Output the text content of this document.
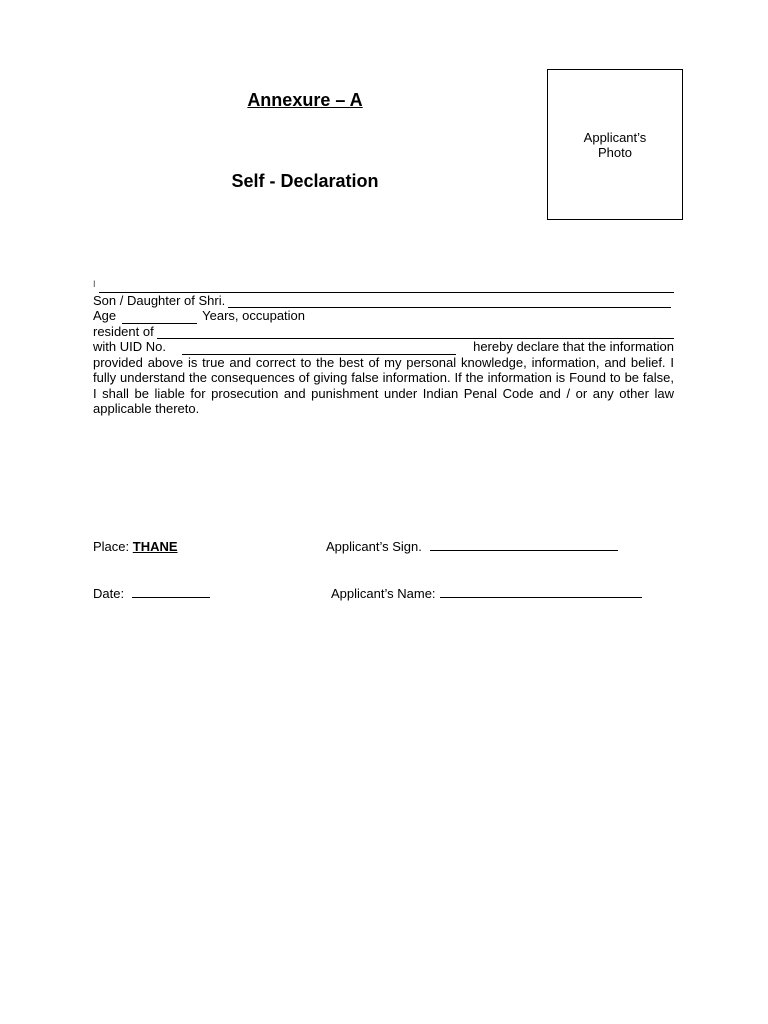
Annexure – A
Self - Declaration
Applicant’s
Photo
I
Son / Daughter of Shri.
Age	Years, occupation
resident of
with UID No.	hereby declare that the information

provided above is true and correct to the best of my personal knowledge, information, and belief. I fully understand the consequences of giving false information. If the information is Found to be false, I shall be liable for prosecution and punishment under Indian Penal Code and / or any other law applicable thereto.

Place: THANE	Applicant’s Sign.
Date:	Applicant’s Name:
